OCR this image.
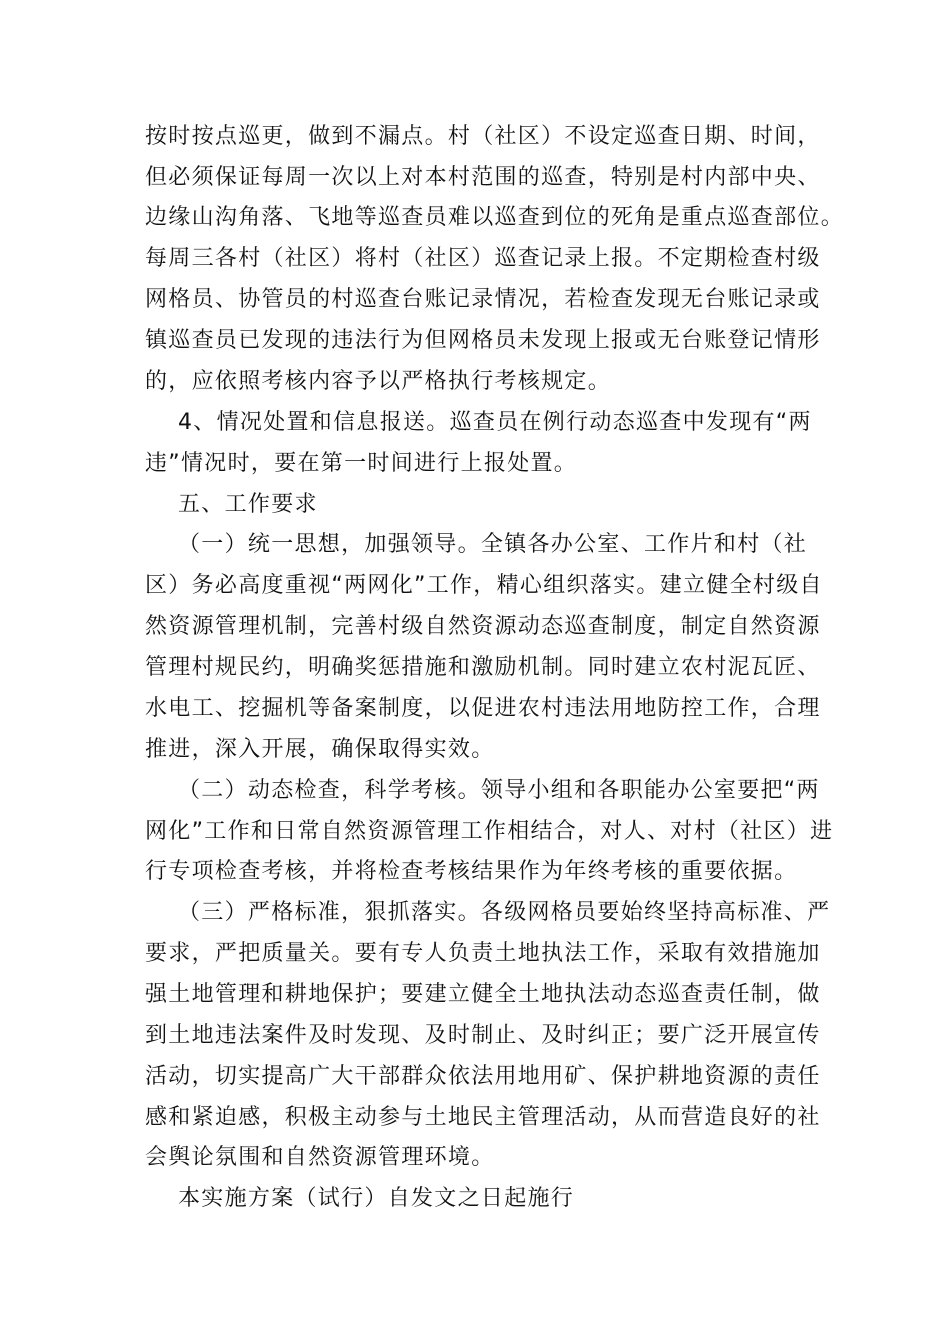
按时按点巡更，做到不漏点。村（社区）不设定巡查日期、时间，
但必须保证每周一次以上对本村范围的巡查，特别是村内部中央、
边缘山沟角落、飞地等巡查员难以巡查到位的死角是重点巡查部位。
每周三各村（社区）将村（社区）巡查记录上报。不定期检查村级
网格员、协管员的村巡查台账记录情况，若检查发现无台账记录或
镇巡查员已发现的违法行为但网格员未发现上报或无台账登记情形
的，应依照考核内容予以严格执行考核规定。
4、情况处置和信息报送。巡查员在例行动态巡查中发现有“两
违”情况时，要在第一时间进行上报处置。
五、工作要求
（一）统一思想，加强领导。全镇各办公室、工作片和村（社
区）务必高度重视“两网化”工作，精心组织落实。建立健全村级自
然资源管理机制，完善村级自然资源动态巡查制度，制定自然资源
管理村规民约，明确奖惩措施和激励机制。同时建立农村泥瓦匠、
水电工、挖掘机等备案制度，以促进农村违法用地防控工作，合理
推进，深入开展，确保取得实效。
（二）动态检查，科学考核。领导小组和各职能办公室要把“两
网化”工作和日常自然资源管理工作相结合，对人、对村（社区）进
行专项检查考核，并将检查考核结果作为年终考核的重要依据。
（三）严格标准，狠抓落实。各级网格员要始终坚持高标准、严
要求，严把质量关。要有专人负责土地执法工作，采取有效措施加
强土地管理和耕地保护；要建立健全土地执法动态巡查责任制，做
到土地违法案件及时发现、及时制止、及时纠正；要广泛开展宣传
活动，切实提高广大干部群众依法用地用矿、保护耕地资源的责任
感和紧迫感，积极主动参与土地民主管理活动，从而营造良好的社
会舆论氛围和自然资源管理环境。
本实施方案（试行）自发文之日起施行
